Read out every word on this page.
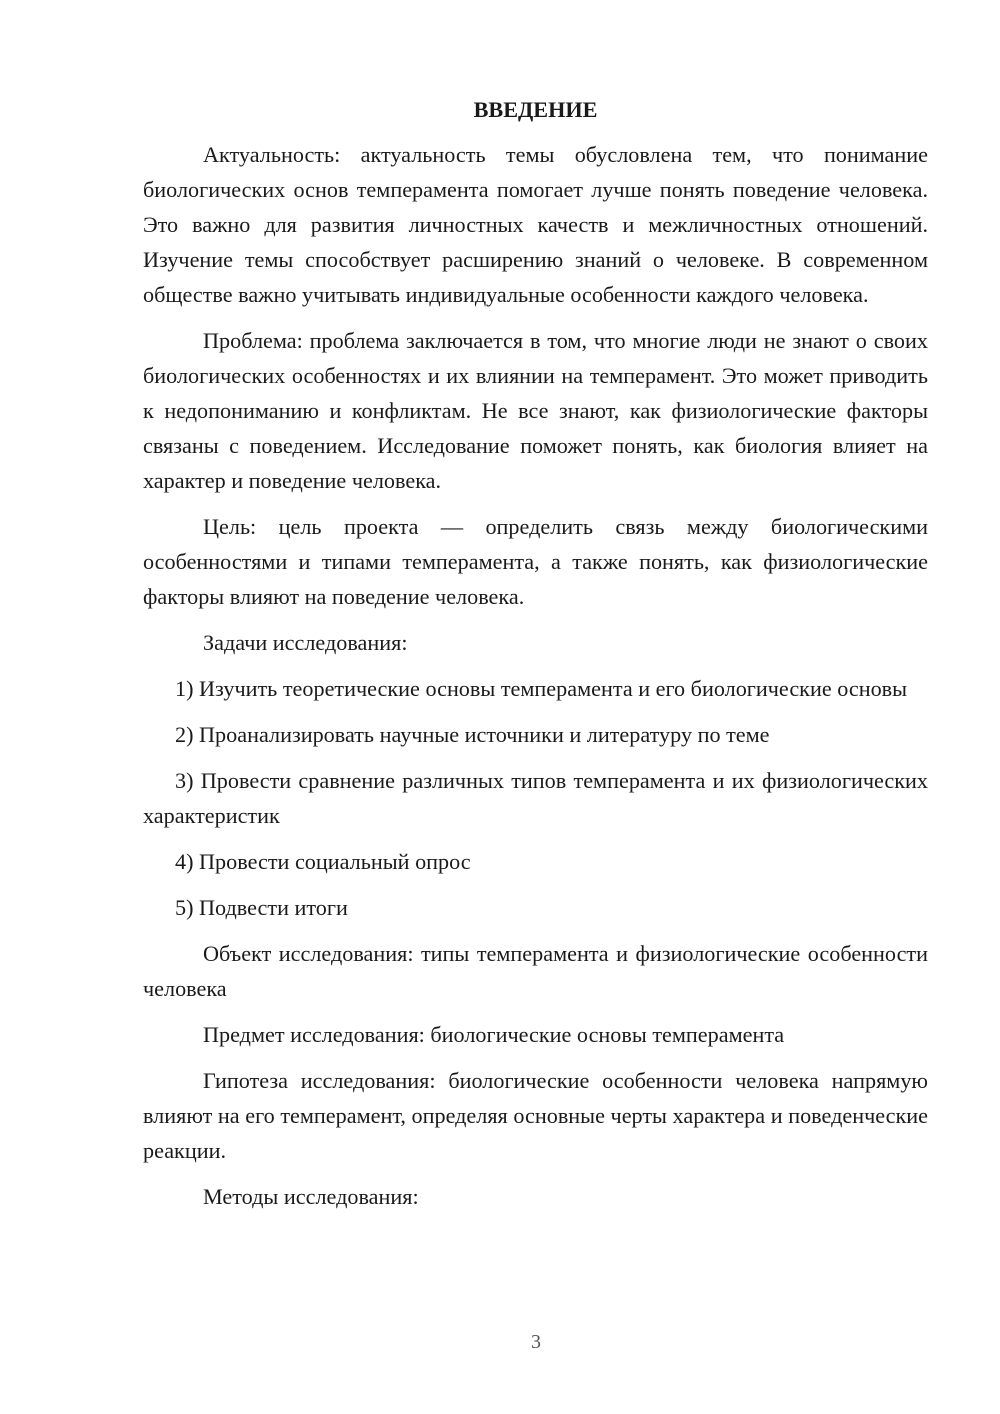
ВВЕДЕНИЕ

Актуальность: актуальность темы обусловлена тем, что понимание биологических основ темперамента помогает лучше понять поведение человека. Это важно для развития личностных качеств и межличностных отношений. Изучение темы способствует расширению знаний о человеке. В современном обществе важно учитывать индивидуальные особенности каждого человека.

Проблема: проблема заключается в том, что многие люди не знают о своих биологических особенностях и их влиянии на темперамент. Это может приводить к недопониманию и конфликтам. Не все знают, как физиологические факторы связаны с поведением. Исследование поможет понять, как биология влияет на характер и поведение человека.

Цель: цель проекта — определить связь между биологическими особенностями и типами темперамента, а также понять, как физиологические факторы влияют на поведение человека.

Задачи исследования:

1) Изучить теоретические основы темперамента и его биологические основы

2) Проанализировать научные источники и литературу по теме

3) Провести сравнение различных типов темперамента и их физиологических характеристик

4) Провести социальный опрос

5) Подвести итоги

Объект исследования: типы темперамента и физиологические особенности человека

Предмет исследования: биологические основы темперамента

Гипотеза исследования: биологические особенности человека напрямую влияют на его темперамент, определяя основные черты характера и поведенческие реакции.

Методы исследования:

3
